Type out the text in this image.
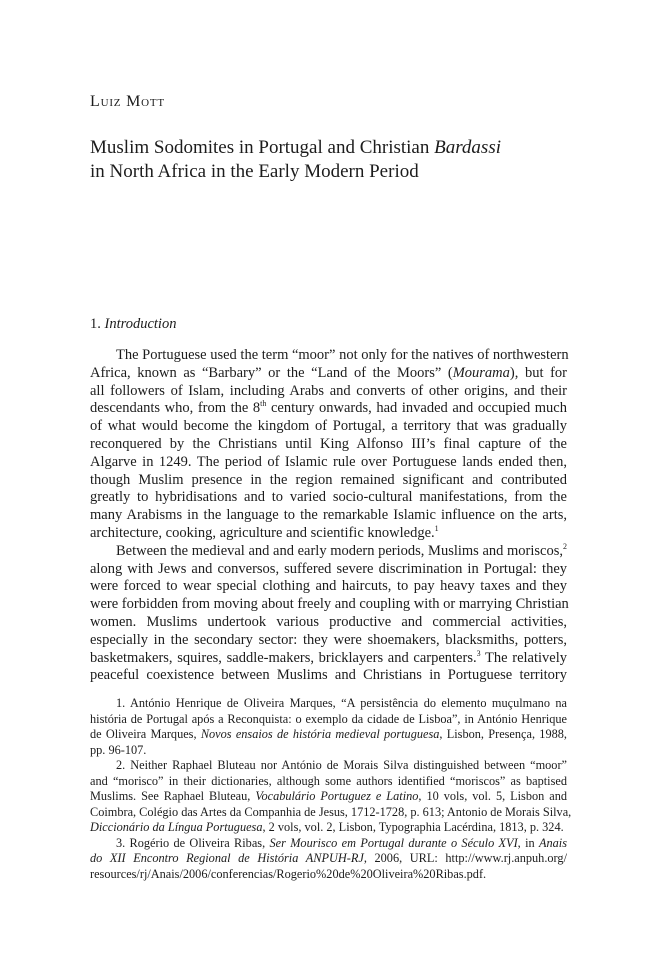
Luiz Mott
Muslim Sodomites in Portugal and Christian Bardassi
in North Africa in the Early Modern Period
1. Introduction
The Portuguese used the term “moor” not only for the natives of northwestern
Africa, known as “Barbary” or the “Land of the Moors” (Mourama), but for
all followers of Islam, including Arabs and converts of other origins, and their
descendants who, from the 8th century onwards, had invaded and occupied much
of what would become the kingdom of Portugal, a territory that was gradually
reconquered by the Christians until King Alfonso III’s final capture of the
Algarve in 1249. The period of Islamic rule over Portuguese lands ended then,
though Muslim presence in the region remained significant and contributed
greatly to hybridisations and to varied socio-cultural manifestations, from the
many Arabisms in the language to the remarkable Islamic influence on the arts,
architecture, cooking, agriculture and scientific knowledge.$^1$
Between the medieval and and early modern periods, Muslims and moriscos,$^2$
along with Jews and conversos, suffered severe discrimination in Portugal: they
were forced to wear special clothing and haircuts, to pay heavy taxes and they
were forbidden from moving about freely and coupling with or marrying Christian
women. Muslims undertook various productive and commercial activities,
especially in the secondary sector: they were shoemakers, blacksmiths, potters,
basketmakers, squires, saddle-makers, bricklayers and carpenters.$^3$ The relatively
peaceful coexistence between Muslims and Christians in Portuguese territory
1. António Henrique de Oliveira Marques, “A persistência do elemento muçulmano na
história de Portugal após a Reconquista: o exemplo da cidade de Lisboa”, in António Henrique
de Oliveira Marques, Novos ensaios de história medieval portuguesa, Lisbon, Presença, 1988,
pp. 96-107.
2. Neither Raphael Bluteau nor António de Morais Silva distinguished between “moor”
and “morisco” in their dictionaries, although some authors identified “moriscos” as baptised
Muslims. See Raphael Bluteau, Vocabulário Portuguez e Latino, 10 vols, vol. 5, Lisbon and
Coimbra, Colégio das Artes da Companhia de Jesus, 1712-1728, p. 613; Antonio de Morais Silva,
Diccionário da Língua Portuguesa, 2 vols, vol. 2, Lisbon, Typographia Lacérdina, 1813, p. 324.
3. Rogério de Oliveira Ribas, Ser Mourisco em Portugal durante o Século XVI, in Anais
do XII Encontro Regional de História ANPUH-RJ, 2006, URL: http://www.rj.anpuh.org/
resources/rj/Anais/2006/conferencias/Rogerio%20de%20Oliveira%20Ribas.pdf.
